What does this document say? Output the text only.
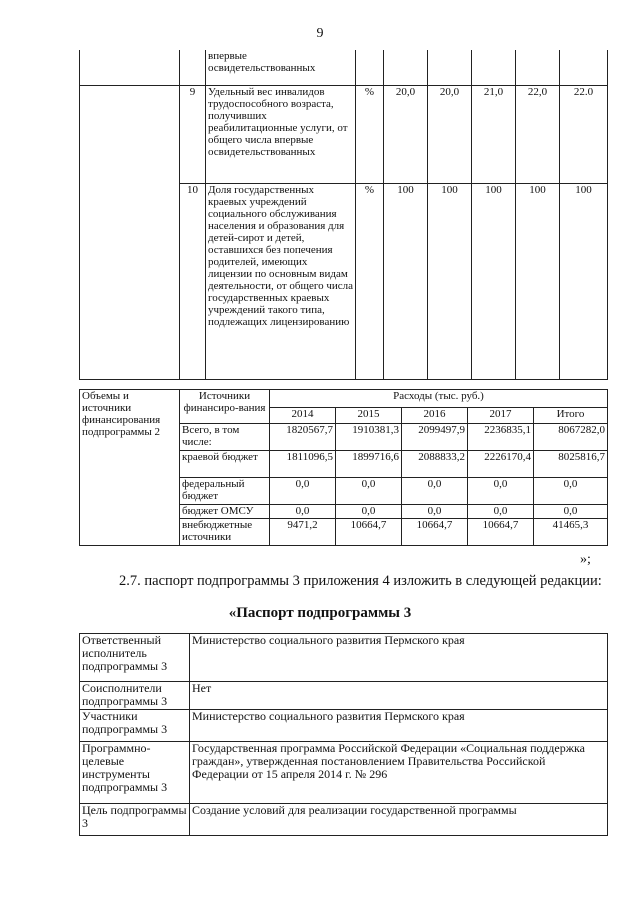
9
		впервые освидетельствованных						
	9	Удельный вес инвалидов трудоспособного возраста, получивших реабилитационные услуги, от общего числа впервые освидетельствованных	%	20,0	20,0	21,0	22,0	22.0
	10	Доля государственных краевых учреждений социального обслуживания населения и образования для детей-сирот и детей, оставшихся без попечения родителей, имеющих лицензии по основным видам деятельности, от общего числа государственных краевых учреждений такого типа, подлежащих лицензированию	%	100	100	100	100	100
Объемы и источники финансирования подпрограммы 2	Источники финансиро-вания	Расходы (тыс. руб.)				
		2014	2015	2016	2017	Итого
	Всего, в том числе:	1820567,7	1910381,3	2099497,9	2236835,1	8067282,0
	краевой бюджет	1811096,5	1899716,6	2088833,2	2226170,4	8025816,7
	федеральный бюджет	0,0	0,0	0,0	0,0	0,0
	бюджет ОМСУ	0,0	0,0	0,0	0,0	0,0
	внебюджетные источники	9471,2	10664,7	10664,7	10664,7	41465,3
»;
2.7. паспорт подпрограммы 3 приложения 4 изложить в следующей редакции:
«Паспорт подпрограммы 3
Ответственный исполнитель подпрограммы 3	Министерство социального развития Пермского края
Соисполнители подпрограммы 3	Нет
Участники подпрограммы 3	Министерство социального развития Пермского края
Программно-целевые инструменты подпрограммы 3	Государственная программа Российской Федерации «Социальная поддержка граждан», утвержденная постановлением Правительства Российской Федерации от 15 апреля 2014 г. № 296
Цель подпрограммы 3	Создание условий для реализации государственной программы
